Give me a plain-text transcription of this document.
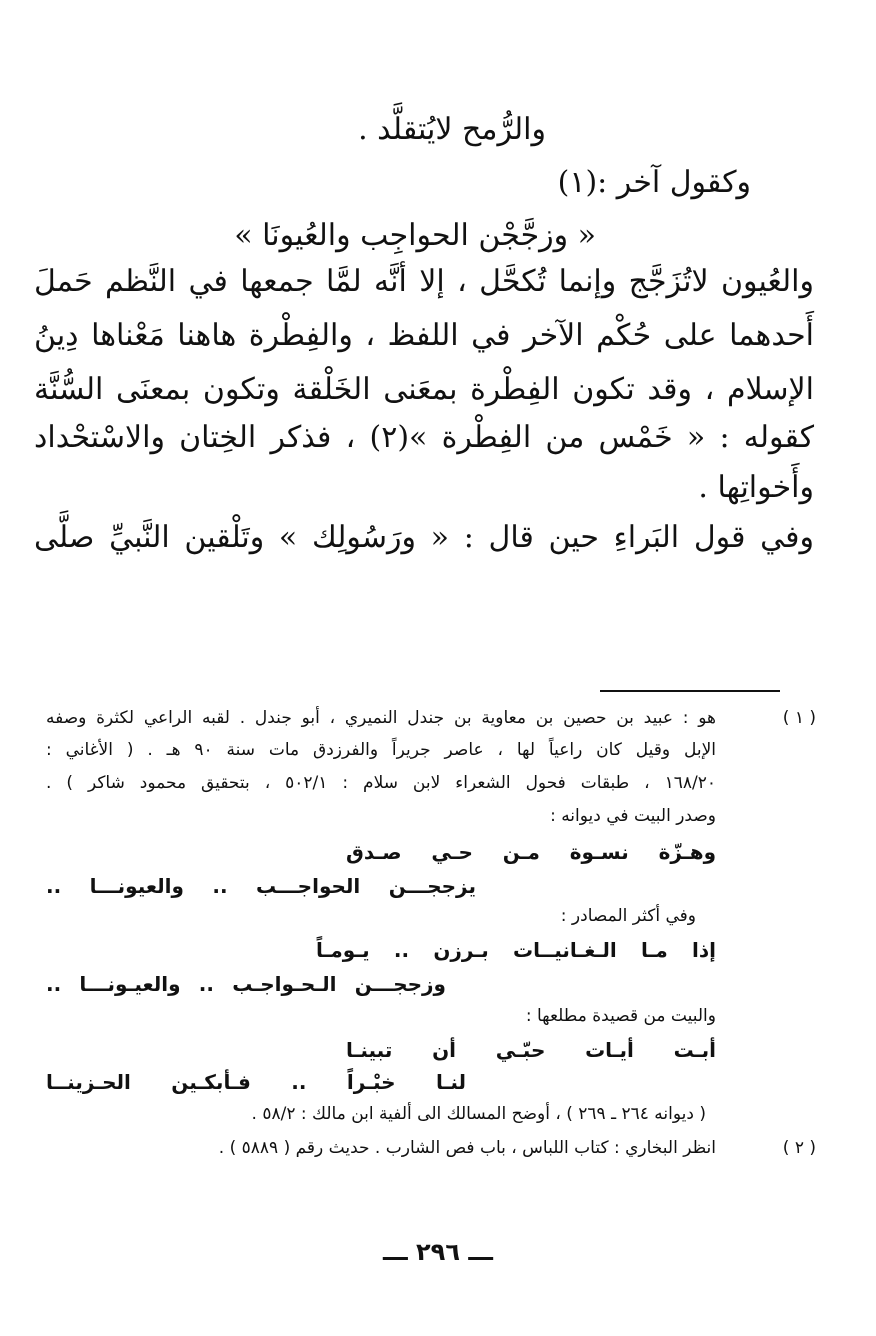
والرُّمح لايُتقلَّد .
وكقول آخر :(١)
« وزجَّجْن الحواجِب والعُيونَا »
والعُيون لاتُزَجَّج وإنما تُكحَّل ، إلا أنَّه لمَّا جمعها في النَّظم حَملَ
أَحدهما على حُكْم الآخر في اللفظ ، والفِطْرة هاهنا مَعْناها دِينُ
الإسلام ، وقد تكون الفِطْرة بمعَنى الخَلْقة وتكون بمعنَى السُّنَّة
كقوله : « خَمْس من الفِطْرة »(٢) ، فذكر الخِتان والاسْتحْداد
وأَخواتِها .
وفي قول البَراءِ حين قال : « ورَسُولِك » وتَلْقين النَّبيِّ صلَّى
( ١ )
هو : عبيد بن حصين بن معاوية بن جندل النميري ، أبو جندل . لقبه الراعي لكثرة وصفه
الإبل وقيل كان راعياً لها ، عاصر جريراً والفرزدق مات سنة ٩٠ هـ . ( الأغاني :
١٦٨/٢٠ ، طبقات فحول الشعراء لابن سلام : ٥٠٢/١ ، بتحقيق محمود شاكر ) .
وصدر البيت في ديوانه :
وهـزّة نسـوة مـن حـي صـدق
يزججـــن الحواجـــب .. والعيونـــا ..
وفي أكثر المصادر :
إذا مـا الـغـانيــات بـرزن .. يـومـاً
وزججـــن الـحـواجـب .. والعيـونـــا ..
والبيت من قصيدة مطلعها :
أبـت أيـات حبّـي أن تبينـا
لنـا خبْـراً .. فـأبكـين الحـزينــا
( ديوانه ٢٦٤ ـ ٢٦٩ ) ، أوضح المسالك الى ألفية ابن مالك : ٥٨/٢ .
( ٢ )
انظر البخاري : كتاب اللباس ، باب فص الشارب . حديث رقم ( ٥٨٨٩ ) .
ـــ ٢٩٦ ـــ
